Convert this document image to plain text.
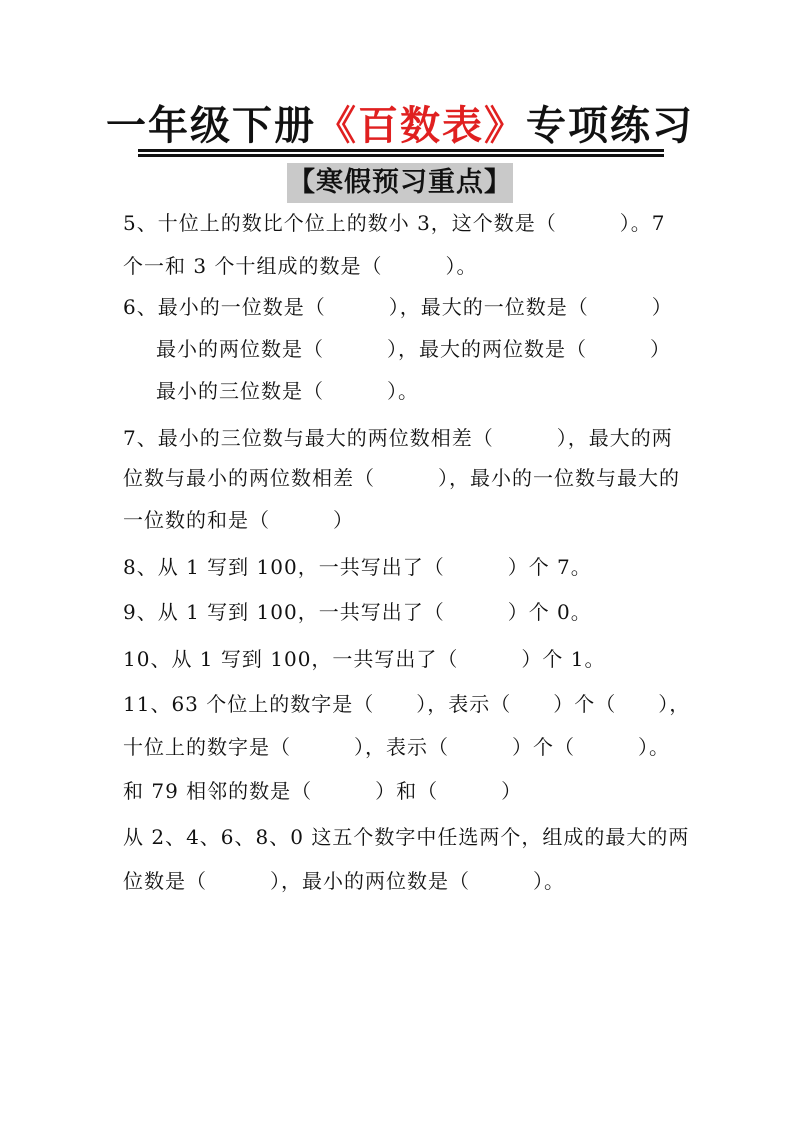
一年级下册《百数表》专项练习
【寒假预习重点】
5、十位上的数比个位上的数小 3，这个数是（　　　）。7
个一和 3 个十组成的数是（　　　）。
6、最小的一位数是（　　　），最大的一位数是（　　　）
最小的两位数是（　　　），最大的两位数是（　　　）
最小的三位数是（　　　）。
7、最小的三位数与最大的两位数相差（　　　），最大的两
位数与最小的两位数相差（　　　），最小的一位数与最大的
一位数的和是（　　　）
8、从 1 写到 100，一共写出了（　　　）个 7。
9、从 1 写到 100，一共写出了（　　　）个 0。
10、从 1 写到 100，一共写出了（　　　）个 1。
11、63 个位上的数字是（　　），表示（　　）个（　　），
十位上的数字是（　　　），表示（　　　）个（　　　）。
和 79 相邻的数是（　　　）和（　　　）
从 2、4、6、8、0 这五个数字中任选两个，组成的最大的两
位数是（　　　），最小的两位数是（　　　）。
